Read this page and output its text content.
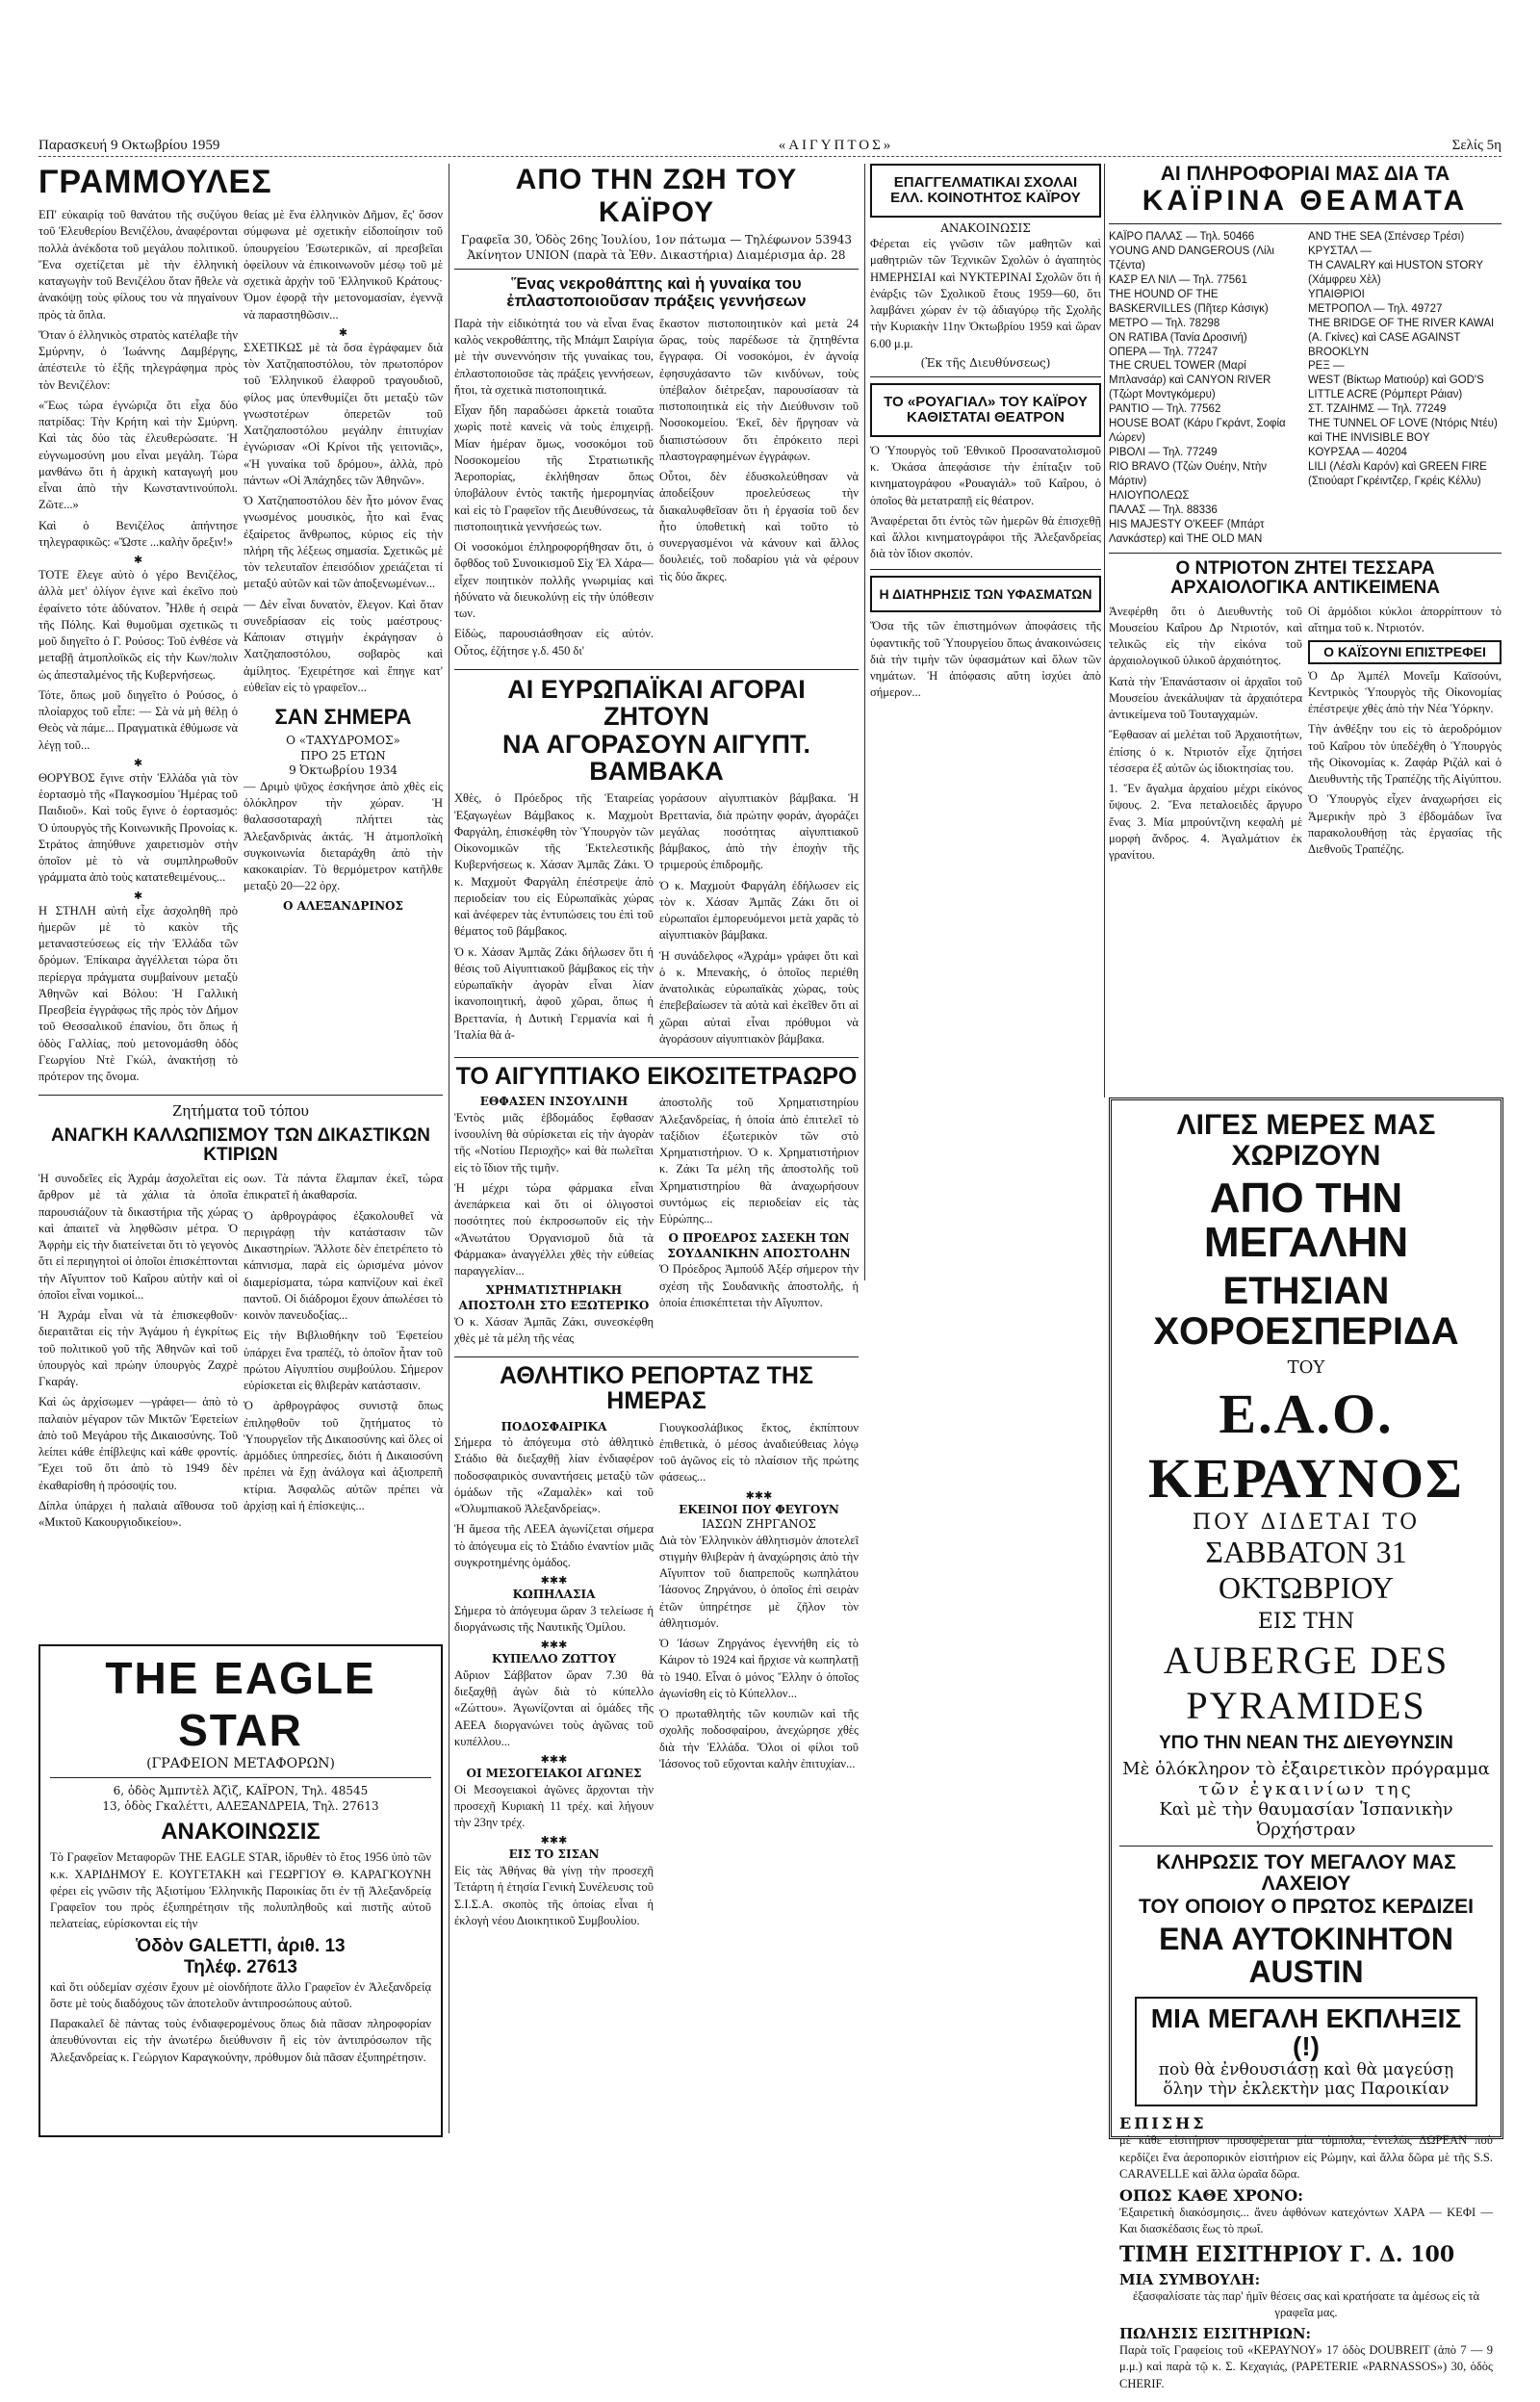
Παρασκευή 9 Οκτωβρίου 1959	«ΑΙΓΥΠΤΟΣ»	Σελίς 5η
ΓΡΑΜΜΟΥΛΕΣ

ΕΠ' εὐκαιρίᾳ τοῦ θανάτου τῆς συζύγου τοῦ Ἐλευθερίου Βενιζέλου, ἀναφέρονται πολλὰ ἀνέκδοτα τοῦ μεγάλου πολιτικοῦ. Ἕνα σχετίζεται μὲ τὴν ἑλληνικὴ καταγωγὴν τοῦ Βενιζέλου ὅταν ἤθελε νὰ ἀνακόψῃ τοὺς φίλους του νὰ πηγαίνουν πρὸς τὰ ὅπλα.

Ὅταν ὁ ἑλληνικὸς στρατὸς κατέλαβε τὴν Σμύρνην, ὁ Ἰωάννης Δαμβέργης, ἀπέστειλε τὸ ἑξῆς τηλεγράφημα πρὸς τὸν Βενιζέλον:

«Ἕως τώρα ἐγνώριζα ὅτι εἶχα δύο πατρίδας: Τὴν Κρήτη καὶ τὴν Σμύρνη. Καὶ τὰς δύο τὰς ἐλευθερώσατε. Ἡ εὐγνωμοσύνη μου εἶναι μεγάλη. Τώρα μανθάνω ὅτι ἡ ἀρχικὴ καταγωγή μου εἶναι ἀπὸ τὴν Κωνσταντινούπολι. Ζῶτε...»

Καὶ ὁ Βενιζέλος ἀπήντησε τηλεγραφικῶς: «Ὥστε ...καλὴν ὄρεξιν!»

✱

ΤΟΤΕ ἔλεγε αὐτὸ ὁ γέρο Βενιζέλος, ἀλλὰ μετ' ὀλίγον ἐγινε καὶ ἐκεῖνο ποὺ ἐφαίνετο τότε ἀδύνατον. Ἦλθε ἡ σειρὰ τῆς Πόλης. Καὶ θυμοῦμαι σχετικῶς τι μοῦ διηγεῖτο ὁ Γ. Ρούσος: Τοῦ ἐνθέσε νὰ μεταβῇ ἀτμοπλοϊκῶς εἰς τὴν Κων/πολιν ὡς ἀπεσταλμένος τῆς Κυβερνήσεως.

Τότε, ὅπως μοῦ διηγεῖτο ὁ Ρούσος, ὁ πλοίαρχος τοῦ εἶπε: — Σὰ νὰ μὴ θέλῃ ὁ Θεὸς νὰ πάμε... Πραγματικὰ ἐθύμωσε νὰ λέγῃ τοῦ...

✱

ΘΟΡΥΒΟΣ ἔγινε στὴν Ἑλλάδα γιὰ τὸν ἑορτασμὸ τῆς «Παγκοσμίου Ἡμέρας τοῦ Παιδιοῦ». Καὶ τοῦς ἔγινε ὁ ἑορτασμός: Ὁ ὑπουργὸς τῆς Κοινωνικῆς Προνοίας κ. Στράτος ἀπηύθυνε χαιρετισμὸν στὴν ὁποῖον μὲ τὸ νὰ συμπληρωθοῦν γράμματα ἀπὸ τοὺς κατατεθειμένους...

✱

Η ΣΤΗΛΗ αὐτὴ εἶχε ἀσχοληθῆ πρὸ ἡμερῶν μὲ τὸ κακὸν τῆς μεταναστεύσεως εἰς τὴν Ἑλλάδα τῶν δρόμων. Ἐπίκαιρα ἀγγέλλεται τώρα ὅτι περίεργα πράγματα συμβαίνουν μεταξὺ Ἀθηνῶν καὶ Βόλου: Ἡ Γαλλικὴ Πρεσβεία ἐγγράφως τῆς πρὸς τὸν Δήμον τοῦ Θεσσαλικοῦ ἐπανίου, ὅτι ὅπως ἡ ὁδὸς Γαλλίας, ποὺ μετονομάσθη ὁδὸς Γεωργίου Ντὲ Γκώλ, ἀνακτήσῃ τὸ πρότερον της ὄνομα.

θείας μὲ ἕνα ἑλληνικὸν Δῆμον, ἔς' ὅσον σύμφωνα μὲ σχετικὴν εἰδοποίησιν τοῦ ὑπουργείου Ἐσωτερικῶν, αἱ πρεσβεῖαι ὀφείλουν νὰ ἐπικοινωνοῦν μέσῳ τοῦ μὲ σχετικὰ ἀρχὴν τοῦ Ἑλληνικοῦ Κράτους· Ὁμον ἐφορᾷ τὴν μετονομασίαν, ἐγεννᾷ νὰ παραστηθῶσιν...

✱

ΣΧΕΤΙΚΩΣ μὲ τὰ ὅσα ἐγράφαμεν διὰ τὸν Χατζηαποστόλου, τὸν πρωτοπόρον τοῦ Ἑλληνικοῦ ἐλαφροῦ τραγουδιοῦ, φίλος μας ὑπενθυμίζει ὅτι μεταξὺ τῶν γνωστοτέρων ὀπερετῶν τοῦ Χατζηαποστόλου μεγάλην ἐπιτυχίαν ἐγνώρισαν «Οἱ Κρίνοι τῆς γειτονιᾶς», «Ἡ γυναίκα τοῦ δρόμου», ἀλλὰ, πρὸ πάντων «Οἱ Ἀπάχηδες τῶν Ἀθηνῶν».

Ὁ Χατζηαποστόλου δὲν ἦτο μόνον ἕνας γνωσμένος μουσικὸς, ἦτο καὶ ἕνας ἐξαίρετος ἄνθρωπος, κύριος εἰς τὴν πλήρη τῆς λέξεως σημασία. Σχετικῶς μὲ τὸν τελευταῖον ἐπεισόδιον χρειάζεται τί μεταξύ αὐτῶν καὶ τῶν ἀποξενωμένων...

— Δὲν εἶναι δυνατὸν, ἔλεγον. Καὶ ὅταν συνεδρίασαν εἰς τοὺς μαέστρους· Κάποιαν στιγμὴν ἐκράγησαν ὁ Χατζηαποστόλου, σοβαρὸς καὶ ἀμίλητος. Ἐχειρέτησε καὶ ἔπηγε κατ' εὐθεῖαν εἰς τὸ γραφεῖον...

ΣΑΝ ΣΗΜΕΡΑ
Ο «ΤΑΧΥΔΡΟΜΟΣ»
ΠΡΟ 25 ΕΤΩΝ
9 Ὀκτωβρίου 1934

— Δριμὺ ψῦχος ἐσκήνησε ἀπὸ χθὲς εἰς ὁλόκληρον τὴν χώραν. Ἡ θαλασσοταραχὴ πλήττει τὰς Ἀλεξανδρινὰς ἀκτάς. Ἡ ἀτμοπλοϊκὴ συγκοινωνία διεταράχθη ἀπὸ τὴν κακοκαιρίαν. Τὸ θερμόμετρον κατῆλθε μεταξὺ 20—22 ὀρχ.

Ο ΑΛΕΞΑΝΔΡΙΝΟΣ
Ζητήματα τοῦ τόπου
ΑΝΑΓΚΗ ΚΑΛΛΩΠΙΣΜΟΥ ΤΩΝ ΔΙΚΑΣΤΙΚΩΝ ΚΤΙΡΙΩΝ

Ἡ συνοδεῖες εἰς Ἀχράμ ἀσχολεῖται εἰς ἄρθρον μὲ τὰ χάλια τὰ ὁποῖα παρουσιάζουν τὰ δικαστήρια τῆς χώρας καὶ ἀπαιτεῖ νὰ ληφθῶσιν μέτρα. Ὁ Ἀφρὴμ εἰς τὴν διατείνεται ὅτι τὸ γεγονὸς ὅτι εἰ περιηγητοὶ οἱ ὁποῖοι ἐπισκέπτονται τὴν Αἴγυπτον τοῦ Καΐρου αὐτὴν καὶ οἱ ὁποῖοι εἶναι νομικοί...

Ἡ Ἀχράμ εἶναι νὰ τὰ ἐπισκεφθοῦν· διεραιτᾶται εἰς τὴν Ἀγάμου ἡ ἐγκρίτως τοῦ πολιτικοῦ γοῦ τῆς Ἀθηνῶν καὶ τοῦ ὑπουργὸς καὶ πρώην ὑπουργὸς Ζαχρὲ Γκαράγ.

Καὶ ὡς ἀρχίσωμεν —γράφει— ἀπὸ τὸ παλαιὸν μέγαρον τῶν Μικτῶν Ἐφετείων ἀπὸ τοῦ Μεγάρου τῆς Δικαιοσύνης. Τοῦ λείπει κάθε ἐπίβλεψις καὶ κάθε φροντίς. Ἔχει τοῦ ὅτι ἀπὸ τὸ 1949 δὲν ἐκαθαρίσθη ἡ πρόσοψίς του.

Δίπλα ὑπάρχει ἡ παλαιὰ αἴθουσα τοῦ «Μικτοῦ Κακουργιοδικείου».

οων. Τὰ πάντα ἔλαμπαν ἐκεῖ, τώρα ἐπικρατεῖ ἡ ἀκαθαρσία.

Ὁ ἀρθρογράφος ἐξακολουθεῖ νὰ περιγράφῃ τὴν κατάστασιν τῶν Δικαστηρίων. Ἄλλοτε δὲν ἐπετρέπετο τὸ κάπνισμα, παρὰ εἰς ὡρισμένα μόνον διαμερίσματα, τώρα καπνίζουν καὶ ἐκεῖ παντοῦ. Οἱ διάδρομοι ἔχουν ἀπωλέσει τὸ κοινὸν πανευδοξίας...

Εἰς τὴν Βιβλιοθήκην τοῦ Ἐφετείου ὑπάρχει ἕνα τραπέζι, τὸ ὁποῖον ἦταν τοῦ πρώτου Αἰγυπτίου συμβούλου. Σήμερον εὑρίσκεται εἰς θλιβερὰν κατάστασιν.

Ὁ ἀρθρογράφος συνιστᾷ ὅπως ἐπιληφθοῦν τοῦ ζητήματος τὸ Ὑπουργεῖον τῆς Δικαιοσύνης καὶ ὅλες οἱ ἁρμόδιες ὑπηρεσίες, διότι ἡ Δικαιοσύνη πρέπει νὰ ἔχῃ ἀνάλογα καὶ ἀξιοπρεπῆ κτίρια. Ἀσφαλῶς αὐτῶν πρέπει νὰ ἀρχίσῃ καὶ ἡ ἐπίσκεψις...

THE EAGLE STAR
(ΓΡΑΦΕΙΟΝ ΜΕΤΑΦΟΡΩΝ)
6, ὁδὸς Ἀμπντὲλ Ἀζὶζ, ΚΑΪΡΟΝ, Τηλ. 48545
13, ὁδὸς Γκαλέττι, ΑΛΕΞΑΝΔΡΕΙΑ, Τηλ. 27613
ΑΝΑΚΟΙΝΩΣΙΣ

Τὸ Γραφεῖον Μεταφορῶν THE EAGLE STAR, ἱδρυθὲν τὸ ἔτος 1956 ὑπὸ τῶν κ.κ. ΧΑΡΙΔΗΜΟΥ Ε. ΚΟΥΓΕΤΑΚΗ καὶ ΓΕΩΡΓΙΟΥ Θ. ΚΑΡΑΓΚΟΥΝΗ φέρει εἰς γνῶσιν τῆς Ἀξιοτίμου Ἑλληνικῆς Παροικίας ὅτι ἐν τῇ Ἀλεξανδρείᾳ Γραφεῖον του πρὸς ἐξυπηρέτησιν τῆς πολυπληθοῦς καὶ πιστῆς αὐτοῦ πελατείας, εὑρίσκονται εἰς τὴν

Ὁδὸν GALETTI, ἀριθ. 13
Τηλέφ. 27613

καὶ ὅτι οὐδεμίαν σχέσιν ἔχουν μὲ οἱονδήποτε ἄλλο Γραφεῖον ἐν Ἀλεξανδρείᾳ ὅστε μὲ τοὺς διαδόχους τῶν ἀποτελοῦν ἀντιπροσώπους αὐτοῦ.

Παρακαλεῖ δὲ πάντας τοὺς ἐνδιαφερομένους ὅπως διὰ πᾶσαν πληροφορίαν ἀπευθύνονται εἰς τὴν ἀνωτέρω διεύθυνσιν ἢ εἰς τὸν ἀντιπρόσωπον τῆς Ἀλεξανδρείας κ. Γεώργιον Καραγκούνην, πρόθυμον διὰ πᾶσαν ἐξυπηρέτησιν.

ΑΠΟ ΤΗΝ ΖΩΗ ΤΟΥ ΚΑΪΡΟΥ
Γραφεῖα 30, Ὁδὸς 26ης Ἰουλίου, 1ον πάτωμα — Τηλέφωνον 53943
Ἀκίνητον UNION (παρὰ τὰ Ἐθν. Δικαστήρια) Διαμέρισμα ἀρ. 28
Ἕνας νεκροθάπτης καὶ ἡ γυναίκα του ἐπλαστοποιοῦσαν πράξεις γεννήσεων

Παρὰ τὴν εἰδικότητά του νὰ εἶναι ἕνας καλὸς νεκροθάπτης, τῆς Μπάμπ Σαιρίγια μὲ τὴν συνεννόησιν τῆς γυναίκας του, ἐπλαστοποιοῦσε τὰς πράξεις γεννήσεων, ἤτοι, τὰ σχετικὰ πιστοποιητικά.

Εἶχαν ἤδη παραδώσει ἀρκετὰ τοιαῦτα χωρὶς ποτὲ κανεὶς νὰ τοὺς ἐπιχειρῇ. Μίαν ἡμέραν ὅμως, νοσοκόμοι τοῦ Νοσοκομείου τῆς Στρατιωτικῆς Ἀεροπορίας, ἐκλήθησαν ὅπως ὑποβάλουν ἐντὸς τακτῆς ἡμερομηνίας καὶ εἰς τὸ Γραφεῖον τῆς Διευθύνσεως, τὰ πιστοποιητικὰ γεννήσεώς των.

Οἱ νοσοκόμοι ἐπληροφορήθησαν ὅτι, ὁ ὄφθδος τοῦ Συνοικισμοῦ Σὶχ Ἐλ Χάρα— εἶχεν ποιητικὸν πολλῆς γνωριμίας καὶ ἠδύνατο νὰ διευκολύνῃ εἰς τὴν ὑπόθεσιν των.

Εἰδὼς, παρουσιάσθησαν εἰς αὐτόν. Οὗτος, ἐζήτησε γ.δ. 450 δι'

ἕκαστον πιστοποιητικὸν καὶ μετὰ 24 ὥρας, τοὺς παρέδωσε τὰ ζητηθέντα ἔγγραφα. Οἱ νοσοκόμοι, ἐν ἀγνοίᾳ ἐφησυχάσαντο τῶν κινδύνων, τοὺς ὑπέβαλον διέτρεξαν, παρουσίασαν τὰ πιστοποιητικὰ εἰς τὴν Διεύθυνσιν τοῦ Νοσοκομείου. Ἐκεῖ, δὲν ἤργησαν νὰ διαπιστώσουν ὅτι ἐπρόκειτο περὶ πλαστογραφημένων ἐγγράφων.

Οὗτοι, δὲν ἐδυσκολεύθησαν νὰ ἀποδείξουν προελεύσεως τὴν διακαλυφθεῖσαν ὅτι ἡ ἐργασία τοῦ δεν ἦτο ὑποθετικὴ καὶ τοῦτο τὸ συνεργασμένοι νὰ κάνουν καὶ ἄλλος δουλειές, τοῦ ποδαρίου γιὰ νὰ φέρουν τὶς δύο ἄκρες.

ΑΙ ΕΥΡΩΠΑΪΚΑΙ ΑΓΟΡΑΙ ΖΗΤΟΥΝ
ΝΑ ΑΓΟΡΑΣΟΥΝ ΑΙΓΥΠΤ. ΒΑΜΒΑΚΑ

Χθὲς, ὁ Πρόεδρος τῆς Ἑταιρείας Ἐξαγωγέων Βάμβακος κ. Μαχμοὺτ Φαργάλη, ἐπισκέφθη τὸν Ὑπουργὸν τῶν Οἰκονομικῶν τῆς Ἐκτελεστικῆς Κυβερνήσεως κ. Χάσαν Ἀμπᾶς Ζάκι. Ὁ κ. Μαχμοὺτ Φαργάλη ἐπέστρεψε ἀπὸ περιοδείαν του εἰς Εὐρωπαϊκὰς χώρας καὶ ἀνέφερεν τὰς ἐντυπώσεις του ἐπὶ τοῦ θέματος τοῦ βάμβακος.

Ὁ κ. Χάσαν Ἀμπᾶς Ζάκι δήλωσεν ὅτι ἡ θέσις τοῦ Αἰγυπτιακοῦ βάμβακος εἰς τὴν εὐρωπαϊκὴν ἀγορὰν εἶναι λίαν ἱκανοποιητική, ἀφοῦ χῶραι, ὅπως ἡ Βρεττανία, ἡ Δυτικὴ Γερμανία καὶ ἡ Ἰταλία θὰ ἀ-

γοράσουν αἰγυπτιακὸν βάμβακα. Ἡ Βρεττανία, διὰ πρώτην φοράν, ἀγοράζει μεγάλας ποσότητας αἰγυπτιακοῦ βάμβακος, ἀπὸ τὴν ἐποχὴν τῆς τριμερούς ἐπιδρομῆς.

Ὁ κ. Μαχμοὺτ Φαργάλη ἐδήλωσεν εἰς τὸν κ. Χάσαν Ἀμπᾶς Ζάκι ὅτι οἱ εὐρωπαϊοι ἐμπορευόμενοι μετὰ χαρᾶς τὸ αἰγυπτιακὸν βάμβακα.

Ἡ συνάδελφος «Ἀχράμ» γράφει ὅτι καὶ ὁ κ. Μπενακὴς, ὁ ὁποῖος περιέθη ἀνατολικὰς εὐρωπαϊκὰς χώρας, τοὺς ἐπεβεβαίωσεν τὰ αὐτὰ καὶ ἐκεῖθεν ὅτι αἱ χῶραι αὐταὶ εἶναι πρόθυμοι νὰ ἀγοράσουν αἰγυπτιακὸν βάμβακα.

ΤΟ ΑΙΓΥΠΤΙΑΚΟ ΕΙΚΟΣΙΤΕΤΡΑΩΡΟ
ΕΘΦΑΣΕΝ ΙΝΣΟΥΛΙΝΗ

Ἐντὸς μιᾶς ἑβδομάδος ἔφθασαν ἰνσουλίνη θὰ σὐρίσκεται εἰς τὴν ἀγορὰν τῆς «Νοτίου Περιοχῆς» καὶ θὰ πωλεῖται εἰς τὸ ἴδιον τῆς τιμῆν.

Ἡ μέχρι τώρα φάρμακα εἶναι ἀνεπάρκεια καὶ ὅτι οἱ ὀλιγοστοὶ ποσότητες ποὺ ἐκπροσωποῦν εἰς τὴν «Ἀνωτάτου Ὀργανισμοῦ διὰ τὰ Φάρμακα» ἀναγγέλλει χθὲς τὴν εὐθείας παραγγελίαν...

ΧΡΗΜΑΤΙΣΤΗΡΙΑΚΗ ΑΠΟΣΤΟΛΗ ΣΤΟ ΕΞΩΤΕΡΙΚΟ

Ὁ κ. Χάσαν Ἀμπᾶς Ζάκι, συνεσκέφθη χθὲς μὲ τὰ μέλη τῆς νέας

ἀποστολῆς τοῦ Χρηματιστηρίου Ἀλεξανδρείας, ἡ ὁποία ἀπὸ ἐπιτελεῖ τὸ ταξίδιον ἐξωτερικὸν τῶν στὸ Χρηματιστήριον. Ὁ κ. Χρηματιστήριον κ. Ζάκι Τα μέλη τῆς ἀποστολῆς τοῦ Χρηματιστηρίου θὰ ἀναχωρήσουν συντόμως εἰς περιοδείαν εἰς τὰς Εὐρώπης...

Ο ΠΡΟΕΔΡΟΣ ΣΑΣΕΚΗ ΤΩΝ ΣΟΥΔΑΝΙΚΗΝ ΑΠΟΣΤΟΛΗΝ

Ὁ Πρόεδρος Ἀμπούδ Ἀξέρ σήμερον τὴν σχέση τῆς Σουδανικῆς ἀποστολῆς, ἡ ὁποία ἐπισκέπτεται τὴν Αἴγυπτον.

ΑΘΛΗΤΙΚΟ ΡΕΠΟΡΤΑΖ ΤΗΣ ΗΜΕΡΑΣ
ΠΟΔΟΣΦΑΙΡΙΚΑ

Σήμερα τὸ ἀπόγευμα στὸ ἀθλητικὸ Στάδιο θὰ διεξαχθῇ λίαν ἐνδιαφέρον ποδοσφαιρικὸς συναντήσεις μεταξὺ τῶν ὁμάδων τῆς «Ζαμαλὲκ» καὶ τοῦ «Ὀλυμπιακοῦ Ἀλεξανδρείας».

Ἡ ἄμεσα τῆς ΛΕΕΑ ἀγωνίζεται σήμερα τὸ ἀπόγευμα εἰς τὸ Στάδιο ἐναντίον μιᾶς συγκροτημένης ὁμάδος.

✱✱✱
ΚΩΠΗΛΑΣΙΑ

Σήμερα τὸ ἀπόγευμα ὥραν 3 τελείωσε ἡ διοργάνωσις τῆς Ναυτικῆς Ὁμίλου.

✱✱✱
ΚΥΠΕΛΛΟ ΖΩΤΤΟΥ

Αὔριον Σάββατον ὥραν 7.30 θὰ διεξαχθῇ ἀγὼν διὰ τὸ κύπελλο «Ζώττου». Ἀγωνίζονται αἱ ὁμάδες τῆς ΑΕΕΑ διοργανώνει τοὺς ἀγῶνας τοῦ κυπέλλου...

✱✱✱
ΟΙ ΜΕΣΟΓΕΙΑΚΟΙ ΑΓΩΝΕΣ

Οἱ Μεσογειακοὶ ἀγῶνες ἄρχονται τὴν προσεχῆ Κυριακὴ 11 τρέχ. καὶ λήγουν τὴν 23ην τρέχ.

✱✱✱
ΕΙΣ ΤΟ ΣΙΣΑΝ

Εἰς τὰς Ἀθήνας θὰ γίνῃ τὴν προσεχῆ Τετάρτη ἡ ἐτησία Γενικὴ Συνέλευσις τοῦ Σ.Ι.Σ.Α. σκοπὸς τῆς ὁποίας εἶναι ἡ ἐκλογὴ νέου Διοικητικοῦ Συμβουλίου.

Γιουγκοσλάβικος ἕκτος, ἐκπίπτουν ἐπιθετικὰ, ὁ μέσος ἀναδιεύθειας λόγῳ τοῦ ἀγῶνος εἰς τὸ πλαίσιον τῆς πρώτης φάσεως...

✱✱✱
ΕΚΕΙΝΟΙ ΠΟΥ ΦΕΥΓΟΥΝ
ΙΑΣΩΝ ΖΗΡΓΑΝΟΣ

Διὰ τὸν Ἑλληνικὸν ἀθλητισμὸν ἀποτελεῖ στιγμὴν θλιβερὰν ἡ ἀναχώρησις ἀπὸ τὴν Αἴγυπτον τοῦ διαπρεποῦς κωπηλάτου Ἰάσονος Ζηργάνου, ὁ ὁποῖος ἐπὶ σειρὰν ἐτῶν ὑπηρέτησε μὲ ζῆλον τὸν ἀθλητισμόν.

Ὁ Ἰάσων Ζηργάνος ἐγεννήθη εἰς τὸ Κάιρον τὸ 1924 καὶ ἤρχισε νὰ κωπηλατῇ τὸ 1940. Εἶναι ὁ μόνος Ἕλλην ὁ ὁποῖος ἀγωνίσθη εἰς τὸ Κύπελλον...

Ὁ πρωταθλητὴς τῶν κουπιῶν καὶ τῆς σχολῆς ποδοσφαίρου, ἀνεχώρησε χθὲς διὰ τὴν Ἑλλάδα. Ὅλοι οἱ φίλοι τοῦ Ἰάσονος τοῦ εὔχονται καλὴν ἐπιτυχίαν...

ΕΠΑΓΓΕΛΜΑΤΙΚΑΙ ΣΧΟΛΑΙ ΕΛΛ. ΚΟΙΝΟΤΗΤΟΣ ΚΑΪΡΟΥ
ΑΝΑΚΟΙΝΩΣΙΣ

Φέρεται εἰς γνῶσιν τῶν μαθητῶν καὶ μαθητριῶν τῶν Τεχνικῶν Σχολῶν ὁ ἀγαπητὸς ΗΜΕΡΗΣΙΑΙ καὶ ΝΥΚΤΕΡΙΝΑΙ Σχολῶν ὅτι ἡ ἐνάρξις τῶν Σχολικοῦ ἔτους 1959—60, ὅτι λαμβάνει χώραν ἐν τῷ ἀδιαγύρῳ τῆς Σχολῆς τὴν Κυριακὴν 11ην Ὀκτωβρίου 1959 καὶ ὥραν 6.00 μ.μ.

(Ἐκ τῆς Διευθύνσεως)
ΤΟ «ΡΟΥΑΓΙΑΛ» ΤΟΥ ΚΑΪΡΟΥ ΚΑΘΙΣΤΑΤΑΙ ΘΕΑΤΡΟΝ

Ὁ Ὑπουργὸς τοῦ Ἐθνικοῦ Προσανατολισμοῦ κ. Ὀκάσα ἀπεφάσισε τὴν ἐπίταξιν τοῦ κινηματογράφου «Ρουαγιάλ» τοῦ Καΐρου, ὁ ὁποῖος θὰ μετατραπῇ εἰς θέατρον.

Ἀναφέρεται ὅτι ἐντὸς τῶν ἡμερῶν θὰ ἐπισχεθῇ καὶ ἄλλοι κινηματογράφοι τῆς Ἀλεξανδρείας διὰ τὸν ἴδιον σκοπόν.

Η ΔΙΑΤΗΡΗΣΙΣ ΤΩΝ ΥΦΑΣΜΑΤΩΝ

Ὅσα τῆς τῶν ἐπιστημόνων ἀποφάσεις τῆς ὑφαντικῆς τοῦ Ὑπουργείου ὅπως ἀνακοινώσεις διὰ τὴν τιμὴν τῶν ὑφασμάτων καὶ ὅλων τῶν νημάτων. Ἡ ἀπόφασις αὕτη ἰσχύει ἀπὸ σήμερον...

ΑΙ ΠΛΗΡΟΦΟΡΙΑΙ ΜΑΣ ΔΙΑ ΤΑ
ΚΑΪΡΙΝΑ ΘΕΑΜΑΤΑ

ΚΑΪΡΟ ΠΑΛΑΣ — Τηλ. 50466

YOUNG AND DANGEROUS (Λίλι Τζέντα)

ΚΑΣΡ ΕΛ ΝΙΛ — Τηλ. 77561

THE HOUND OF THE BASKERVILLES (Πῆτερ Κάσιγκ)

ΜΕΤΡΟ — Τηλ. 78298

ON RATIBA (Τανία Δροσινή)

ΟΠΕΡΑ — Τηλ. 77247

THE CRUEL TOWER (Μαρί Μπλανσάρ) καὶ CANYON RIVER (Τζώρτ Μοντγκόμερυ)

ΡΑΝΤΙΟ — Τηλ. 77562

HOUSE BOAT (Κάρυ Γκράντ, Σοφία Λώρεν)

ΡΙΒΟΛΙ — Τηλ. 77249

RIO BRAVO (Τζὼν Ουέην, Ντὴν Μάρτιν)

ΗΛΙΟΥΠΟΛΕΩΣ

ΠΑΛΑΣ — Τηλ. 88336

HIS MAJESTY O'KEEF (Μπάρτ Λανκάστερ) καὶ THE OLD MAN

AND THE SEA (Σπένσερ Τρέσι)

ΚΡΥΣΤΑΛ —

TH CAVALRY καὶ HUSTON STORY (Χάμφρευ Χὲλ)

ΥΠΑΙΘΡΙΟΙ

ΜΕΤΡΟΠΟΛ — Τηλ. 49727

THE BRIDGE OF THE RIVER KAWAI (Α. Γκίνες) καὶ CASE AGAINST BROOKLYN

ΡΕΞ —

WEST (Βίκτωρ Ματιούρ) καὶ GOD'S LITTLE ACRE (Ρόμπερτ Ράιαν)

ΣΤ. ΤΖΑΙΗΜΣ — Τηλ. 77249

THE TUNNEL OF LOVE (Ντόρις Ντέυ) καὶ THE INVISIBLE BOY

ΚΟΥΡΣΑΑ — 40204

LILI (Λέσλι Καρόν) καὶ GREEN FIRE (Στιούαρτ Γκρέιντζερ, Γκρέις Κέλλυ)

Ο ΝΤΡΙΟΤΟΝ ΖΗΤΕΙ ΤΕΣΣΑΡΑ ΑΡΧΑΙΟΛΟΓΙΚΑ ΑΝΤΙΚΕΙΜΕΝΑ

Ἀνεφέρθη ὅτι ὁ Διευθυντὴς τοῦ Μουσείου Καΐρου Δρ Ντριοτόν, καὶ τελικῶς εἰς τὴν εἰκόνα τοῦ ἀρχαιολογικοῦ ὑλικοῦ ἀρχαιότητος.

Κατὰ τὴν Ἐπανάστασιν οἱ ἀρχαῖοι τοῦ Μουσείου ἀνεκάλυψαν τὰ ἀρχαιότερα ἀντικείμενα τοῦ Τουταγχαμών.

Ἔφθασαν αἱ μελέται τοῦ Ἀρχαιοτήτων, ἐπίσης ὁ κ. Ντριοτόν εἶχε ζητήσει τέσσερα ἐξ αὐτῶν ὡς ἰδιοκτησίας του.

1. Ἕν ἄγαλμα ἀρχαίου μέχρι εἰκόνος ὕψους. 2. Ἕνα πεταλοειδὲς ἄργυρο ἔνας 3. Μία μπρούντζινη κεφαλὴ μὲ μορφὴ ἄνδρος. 4. Ἀγαλμάτιον ἐκ γρανίτου.

Οἱ ἁρμόδιοι κύκλοι ἀπορρίπτουν τὸ αἴτημα τοῦ κ. Ντριοτόν.

Ο ΚΑΪΣΟΥΝΙ ΕΠΙΣΤΡΕΦΕΙ

Ὁ Δρ Ἀμπέλ Μονεΐμ Καϊσούνι, Κεντρικὸς Ὑπουργὸς τῆς Οἰκονομίας ἐπέστρεψε χθὲς ἀπὸ τὴν Νέα Ὑόρκην.

Τὴν ἀνθέξην του εἰς τὸ ἀεροδρόμιον τοῦ Καΐρου τὸν ὑπεδέχθη ὁ Ὑπουργὸς τῆς Οἰκονομίας κ. Ζαφάρ Ριζάλ καὶ ὁ Διευθυντὴς τῆς Τραπέζης τῆς Αἰγύπτου.

Ὁ Ὑπουργὸς εἶχεν ἀναχωρήσει εἰς Ἀμερικὴν πρὸ 3 ἐβδομάδων ἵνα παρακολουθήσῃ τὰς ἐργασίας τῆς Διεθνοῦς Τραπέζης.

ΛΙΓΕΣ ΜΕΡΕΣ ΜΑΣ ΧΩΡΙΖΟΥΝ
ΑΠΟ ΤΗΝ ΜΕΓΑΛΗΝ
ΕΤΗΣΙΑΝ ΧΟΡΟΕΣΠΕΡΙΔΑ
ΤΟΥ
Ε.Α.Ο. ΚΕΡΑΥΝΟΣ
ΠΟΥ ΔΙΔΕΤΑΙ ΤΟ
ΣΑΒΒΑΤΟΝ 31 ΟΚΤΩΒΡΙΟΥ
ΕΙΣ ΤΗΝ
AUBERGE DES PYRAMIDES
ΥΠΟ ΤΗΝ ΝΕΑΝ ΤΗΣ ΔΙΕΥΘΥΝΣΙΝ
Μὲ ὁλόκληρον τὸ ἐξαιρετικὸν πρόγραμμα
τῶν ἐγκαινίων της
Καὶ μὲ τὴν θαυμασίαν Ἱσπανικὴν Ὀρχήστραν
ΚΛΗΡΩΣΙΣ ΤΟΥ ΜΕΓΑΛΟΥ ΜΑΣ ΛΑΧΕΙΟΥ
ΤΟΥ ΟΠΟΙΟΥ Ο ΠΡΩΤΟΣ ΚΕΡΔΙΖΕΙ
ΕΝΑ ΑΥΤΟΚΙΝΗΤΟΝ AUSTIN
ΜΙΑ ΜΕΓΑΛΗ ΕΚΠΛΗΞΙΣ (!)
ποὺ θὰ ἐνθουσιάσῃ καὶ θὰ μαγεύσῃ
ὅλην τὴν ἐκλεκτὴν μας Παροικίαν
ΕΠΙΣΗΣ

μὲ κάθε εἰσιτήριον προσφέρεται μία τόμπολα, ἐντελῶς ΔΩΡΕΑΝ ποὺ κερδίζει ἕνα ἀεροπορικὸν εἰσιτήριον εἰς Ρώμην, καὶ ἄλλα δῶρα μὲ τῆς S.S. CARAVELLE καὶ ἄλλα ὡραῖα δῶρα.

ΟΠΩΣ ΚΑΘΕ ΧΡΟΝΟ:

Ἐξαιρετικὴ διακόσμησις... ἄνευ ἀφθόνων κατεχόντων ΧΑΡΑ — ΚΕΦΙ — Και διασκέδασις ἕως τὸ πρωΐ.

ΤΙΜΗ ΕΙΣΙΤΗΡΙΟΥ Γ. Δ. 100
ΜΙΑ ΣΥΜΒΟΥΛΗ:

ἐξασφαλίσατε τὰς παρ' ἡμῖν θέσεις σας καὶ κρατήσατε τα ἀμέσως εἰς τὰ γραφεῖα μας.

ΠΩΛΗΣΙΣ ΕΙΣΙΤΗΡΙΩΝ:

Παρὰ τοῖς Γραφείοις τοῦ «ΚΕΡΑΥΝΟΥ» 17 ὁδὸς DOUBREIT (ἀπὸ 7 — 9 μ.μ.) καὶ παρὰ τῷ κ. Σ. Κεχαγιάς, (PAPETERIE «PARNASSOS») 30, ὁδὸς CHERIF.
